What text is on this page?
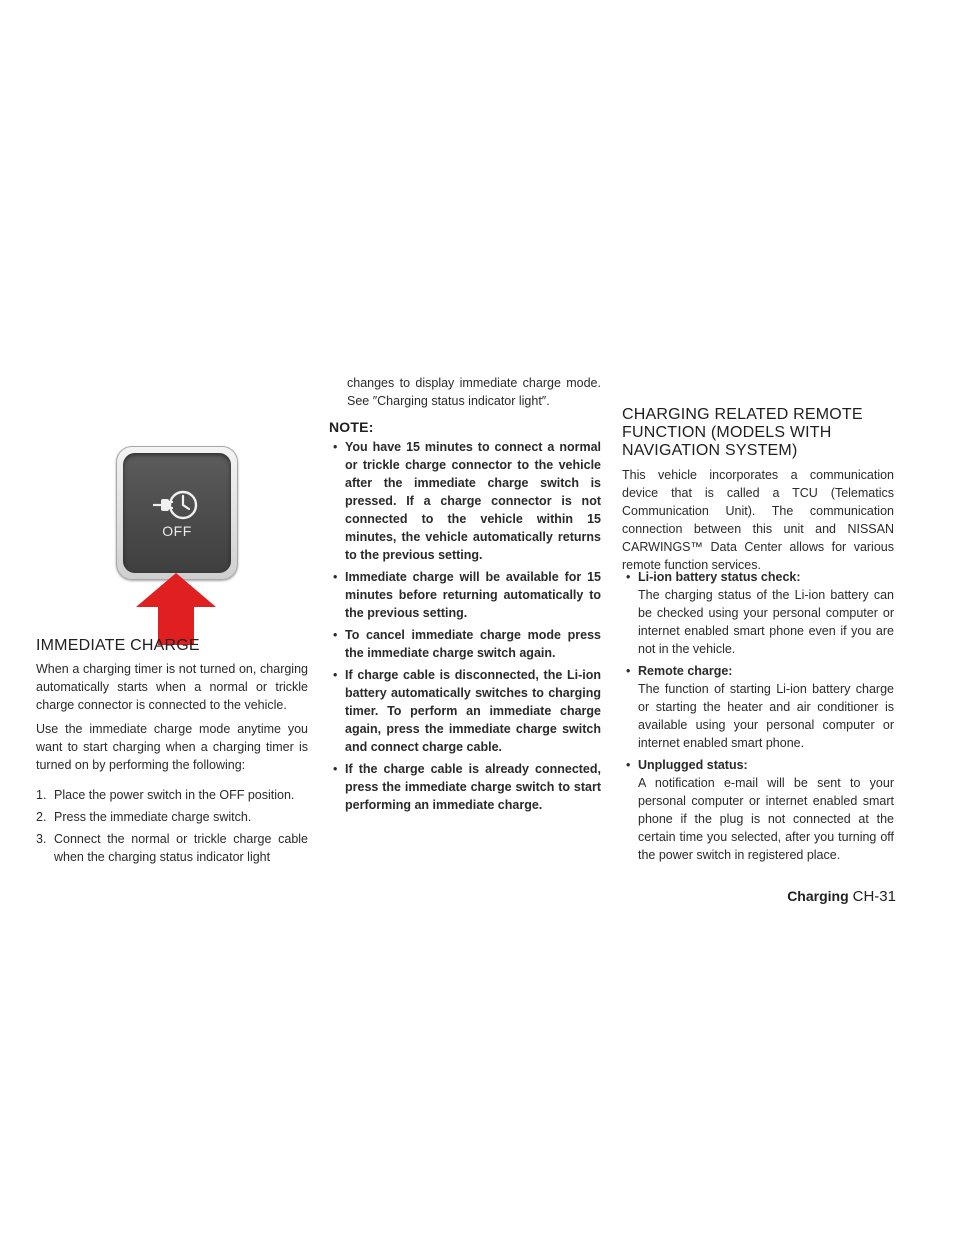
OFF
IMMEDIATE CHARGE

When a charging timer is not turned on, charging automatically starts when a normal or trickle charge connector is connected to the vehicle.

Use the immediate charge mode anytime you want to start charging when a charging timer is turned on by performing the following:

1. Place the power switch in the OFF position.
2. Press the immediate charge switch.
3. Connect the normal or trickle charge cable when the charging status indicator light

changes to display immediate charge mode. See ″Charging status indicator light″.

NOTE:
• You have 15 minutes to connect a normal or trickle charge connector to the vehicle after the immediate charge switch is pressed. If a charge connector is not connected to the vehicle within 15 minutes, the vehicle automatically returns to the previous setting.
• Immediate charge will be available for 15 minutes before returning automatically to the previous setting.
• To cancel immediate charge mode press the immediate charge switch again.
• If charge cable is disconnected, the Li-ion battery automatically switches to charging timer. To perform an immediate charge again, press the immediate charge switch and connect charge cable.
• If the charge cable is already connected, press the immediate charge switch to start performing an immediate charge.
CHARGING RELATED REMOTE FUNCTION (MODELS WITH NAVIGATION SYSTEM)

This vehicle incorporates a communication device that is called a TCU (Telematics Communication Unit). The communication connection between this unit and NISSAN CARWINGS™ Data Center allows for various remote function services.

• Li-ion battery status check:
The charging status of the Li-ion battery can be checked using your personal computer or internet enabled smart phone even if you are not in the vehicle.
• Remote charge:
The function of starting Li-ion battery charge or starting the heater and air conditioner is available using your personal computer or internet enabled smart phone.
• Unplugged status:
A notification e-mail will be sent to your personal computer or internet enabled smart phone if the plug is not connected at the certain time you selected, after you turning off the power switch in registered place.
Charging CH-31
